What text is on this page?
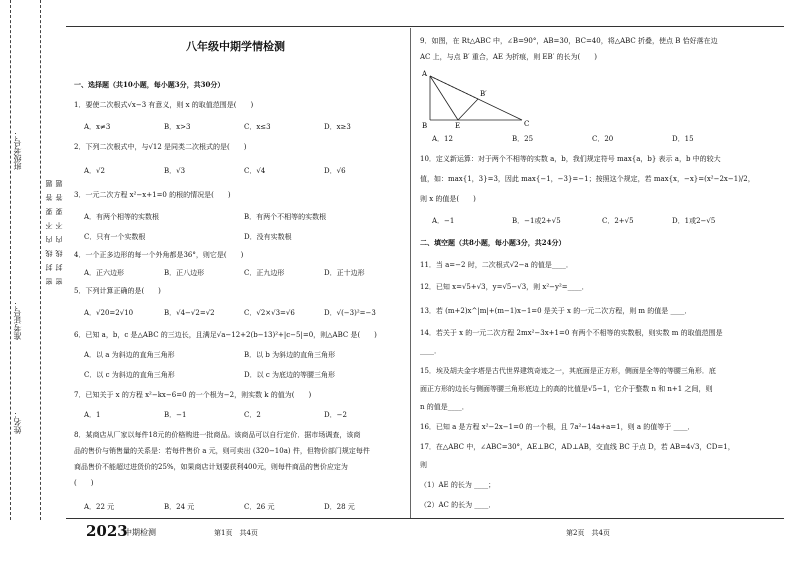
姓名：
准考证号：
班级考号：
密　封　线　内　不　要　答　题 密　封　线　内　不　要　答　题
八年级中期学情检测
一、选择题（共10小题，每小题3分，共30分）
1．要使二次根式√x−3 有意义，则 x 的取值范围是(　　)
A．x≠3	B．x>3	C．x≤3	D．x≥3
2．下列二次根式中，与√12 是同类二次根式的是(　　)
A．√2	B．√3	C．√4	D．√6
3．一元二次方程 x²−x+1=0 的根的情况是(　　)
A．有两个相等的实数根	B．有两个不相等的实数根
C．只有一个实数根	D．没有实数根
4．一个正多边形的每一个外角都是36°，则它是(　　)
A．正六边形	B．正八边形	C．正九边形	D．正十边形
5．下列计算正确的是(　　)
A．√20=2√10	B．√4−√2=√2	C．√2×√3=√6	D．√(−3)²=−3
6．已知 a，b，c 是△ABC 的三边长，且满足√a−12+2(b−13)²+|c−5|=0，则△ABC 是(　　)
A．以 a 为斜边的直角三角形	B．以 b 为斜边的直角三角形
C．以 c 为斜边的直角三角形	D．以 c 为底边的等腰三角形
7．已知关于 x 的方程 x²−kx−6=0 的一个根为−2，则实数 k 的值为(　　)
A．1	B．−1	C．2	D．−2
8．某商店从厂家以每件18元的价格购进一批商品。该商品可以自行定价．据市场调查，该商
品的售价与销售量的关系是：若每件售价 a 元，则可卖出 (320−10a) 件，但物价部门规定每件
商品售价不能超过进货价的25%，如果商店计划要获利400元，则每件商品的售价应定为
(　　)
A．22 元	B．24 元	C．26 元	D．28 元
9．如图，在 Rt△ABC 中，∠B=90°，AB=30，BC=40，将△ABC 折叠，使点 B 恰好落在边
AC 上，与点 B′ 重合，AE 为折痕，则 EB′ 的长为(　　)
A
B	C
E
B′
A．12	B．25	C．20	D．15
10．定义新运算：对于两个不相等的实数 a，b，我们规定符号 max{a，b} 表示 a，b 中的较大
值，如：max{1，3}=3，因此 max{−1，−3}=−1；按照这个规定，若 max{x，−x}=(x²−2x−1)/2，
则 x 的值是(　　)
A．−1	B．−1或2+√5	C．2+√5	D．1或2−√5
二、填空题（共8小题，每小题3分，共24分）
11．当 a=−2 时，二次根式√2−a 的值是____．
12．已知 x=√5+√3，y=√5−√3，则 x²−y²=____．
13．若 (m+2)x^|m|+(m−1)x−1=0 是关于 x 的一元二次方程，则 m 的值是 ____．
14．若关于 x 的一元二次方程 2mx²−3x+1=0 有两个不相等的实数根，则实数 m 的取值范围是
____．
15．埃及胡夫金字塔是古代世界建筑奇迹之一，其底面是正方形，侧面是全等的等腰三角形．底
面正方形的边长与侧面等腰三角形底边上的高的比值是√5−1，它介于整数 n 和 n+1 之间，则
n 的值是____．
16．已知 a 是方程 x²−2x−1=0 的一个根，且 7a²−14a+a=1，则 a 的值等于 ____．
17．在△ABC 中，∠ABC=30°，AE⊥BC，AD⊥AB，交直线 BC 于点 D，若 AB=4√3，CD=1，
则
（1）AE 的长为 ____；
（2）AC 的长为 ____．
2023
中期检测	第1页　共4页	第2页　共4页
